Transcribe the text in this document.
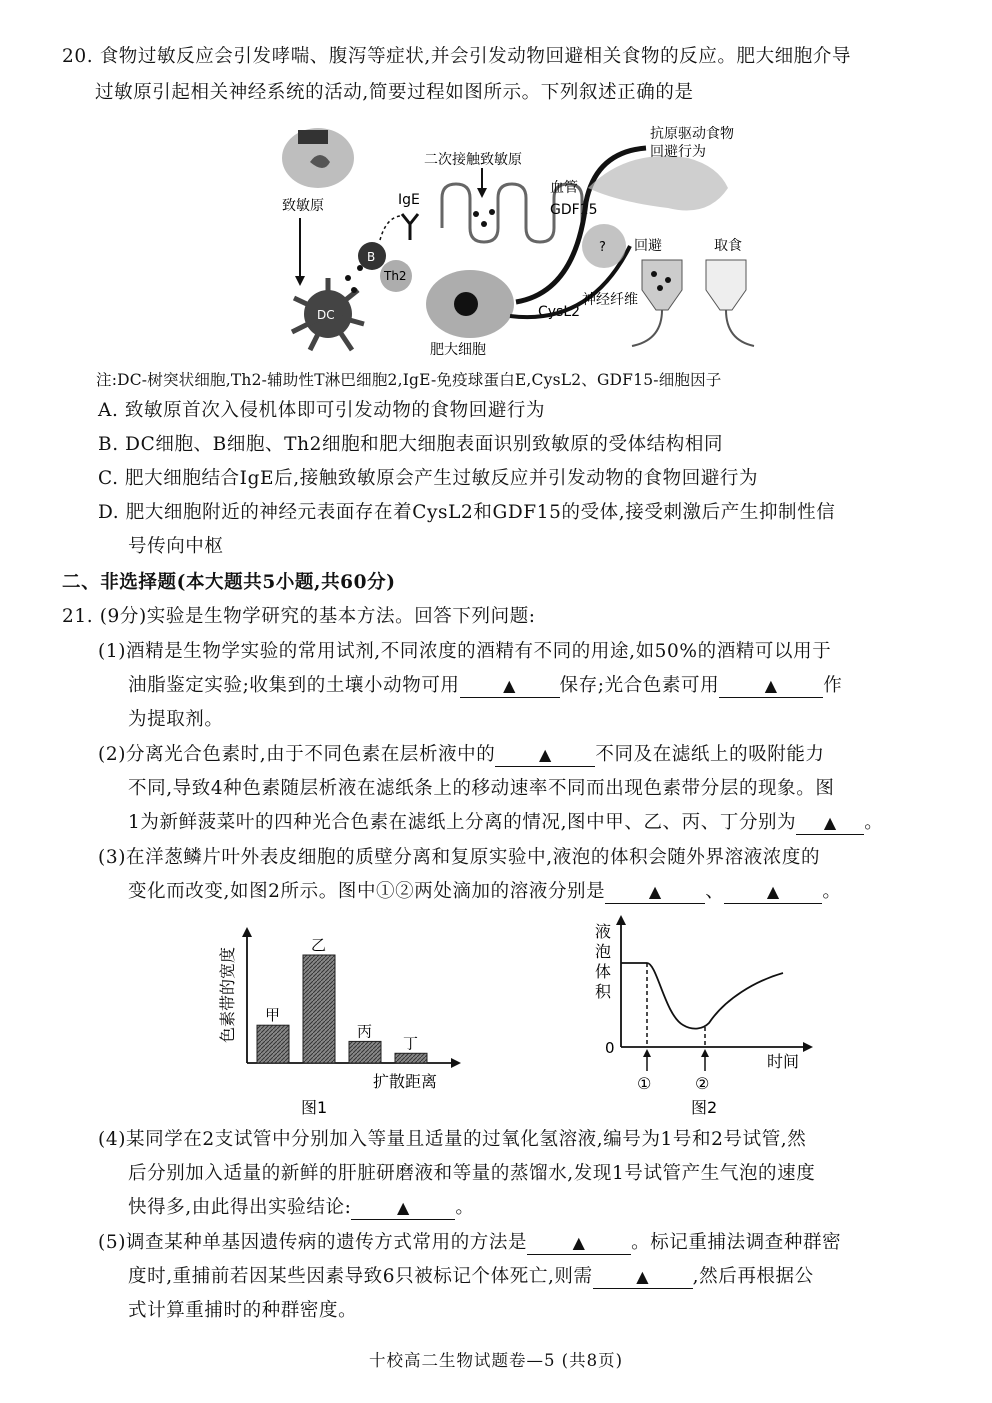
20. 食物过敏反应会引发哮喘、腹泻等症状,并会引发动物回避相关食物的反应。肥大细胞介导
过敏原引起相关神经系统的活动,简要过程如图所示。下列叙述正确的是
致敏原
DC
Th2
B
IgE
二次接触致敏原
肥大细胞
CysL2
血管
GDF15
?
神经纤维
抗原驱动食物
回避行为
回避	取食
注:DC-树突状细胞,Th2-辅助性T淋巴细胞2,IgE-免疫球蛋白E,CysL2、GDF15-细胞因子
A. 致敏原首次入侵机体即可引发动物的食物回避行为
B. DC细胞、B细胞、Th2细胞和肥大细胞表面识别致敏原的受体结构相同
C. 肥大细胞结合IgE后,接触致敏原会产生过敏反应并引发动物的食物回避行为
D. 肥大细胞附近的神经元表面存在着CysL2和GDF15的受体,接受刺激后产生抑制性信
号传向中枢
二、非选择题(本大题共5小题,共60分)
21. (9分)实验是生物学研究的基本方法。回答下列问题:
(1)酒精是生物学实验的常用试剂,不同浓度的酒精有不同的用途,如50%的酒精可以用于
油脂鉴定实验;收集到的土壤小动物可用	▲ 保存;光合色素可用	▲ 作
为提取剂。
(2)分离光合色素时,由于不同色素在层析液中的	▲ 不同及在滤纸上的吸附能力
不同,导致4种色素随层析液在滤纸条上的移动速率不同而出现色素带分层的现象。图
1为新鲜菠菜叶的四种光合色素在滤纸上分离的情况,图中甲、乙、丙、丁分别为 ▲ 。
(3)在洋葱鳞片叶外表皮细胞的质壁分离和复原实验中,液泡的体积会随外界溶液浓度的
变化而改变,如图2所示。图中①②两处滴加的溶液分别是	▲ 、	▲ 。
色素带的宽度 甲
乙
丙
丁
扩散距离
图1
液
泡
体
积
0
①	②
时间
图2
(4)某同学在2支试管中分别加入等量且适量的过氧化氢溶液,编号为1号和2号试管,然
后分别加入适量的新鲜的肝脏研磨液和等量的蒸馏水,发现1号试管产生气泡的速度
快得多,由此得出实验结论:	▲ 。
(5)调查某种单基因遗传病的遗传方式常用的方法是	▲ 。标记重捕法调查种群密
度时,重捕前若因某些因素导致6只被标记个体死亡,则需	▲ ,然后再根据公
式计算重捕时的种群密度。
十校高二生物试题卷—5 (共8页)
